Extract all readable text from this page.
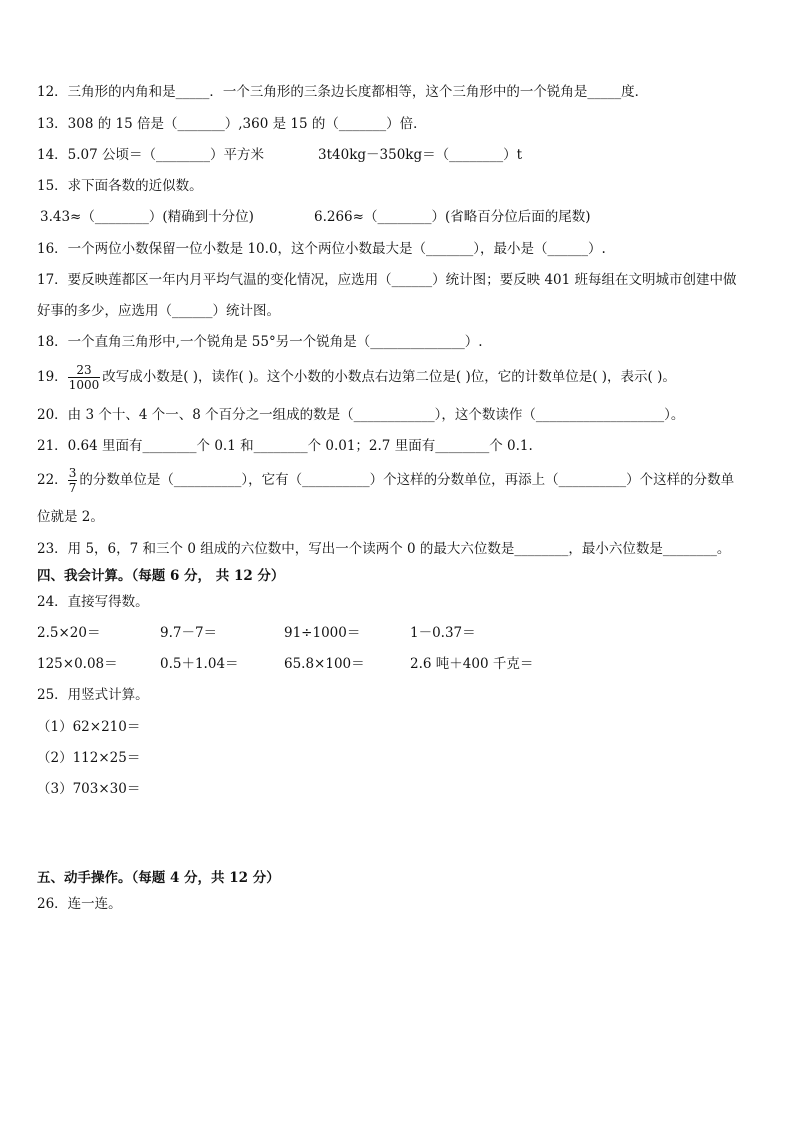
12．三角形的内角和是_____．一个三角形的三条边长度都相等，这个三角形中的一个锐角是_____度．
13．308 的 15 倍是（_______）,360 是 15 的（_______）倍．
14．5.07 公顷＝（________）平方米	3t40kg－350kg＝（________）t
15．求下面各数的近似数。
3.43≈（________）(精确到十分位)	6.266≈（________）(省略百分位后面的尾数)
16．一个两位小数保留一位小数是 10.0，这个两位小数最大是（_______），最小是（______）.
17．要反映莲都区一年内月平均气温的变化情况，应选用（______）统计图；要反映 401 班每组在文明城市创建中做
好事的多少，应选用（______）统计图。
18．一个直角三角形中,一个锐角是 55°另一个锐角是（______________）.
19． $\frac{23}{1000}$ 改写成小数是( )，读作( )。这个小数的小数点右边第二位是( )位，它的计数单位是( )，表示( )。
20．由 3 个十、4 个一、8 个百分之一组成的数是（____________），这个数读作（___________________）。
21．0.64 里面有________个 0.1 和________个 0.01；2.7 里面有________个 0.1.
22． $\frac{3}{7}$ 的分数单位是（__________），它有（__________）个这样的分数单位，再添上（__________）个这样的分数单
位就是 2。
23．用 5，6，7 和三个 0 组成的六位数中，写出一个读两个 0 的最大六位数是________，最小六位数是________。
四、我会计算。（每题 6 分， 共 12 分）
24．直接写得数。
2.5×20＝	9.7－7＝	91÷1000＝	1－0.37＝
125×0.08＝	0.5＋1.04＝	65.8×100＝	2.6 吨＋400 千克＝
25．用竖式计算。
（1）62×210＝
（2）112×25＝
（3）703×30＝
五、动手操作。（每题 4 分，共 12 分）
26．连一连。
